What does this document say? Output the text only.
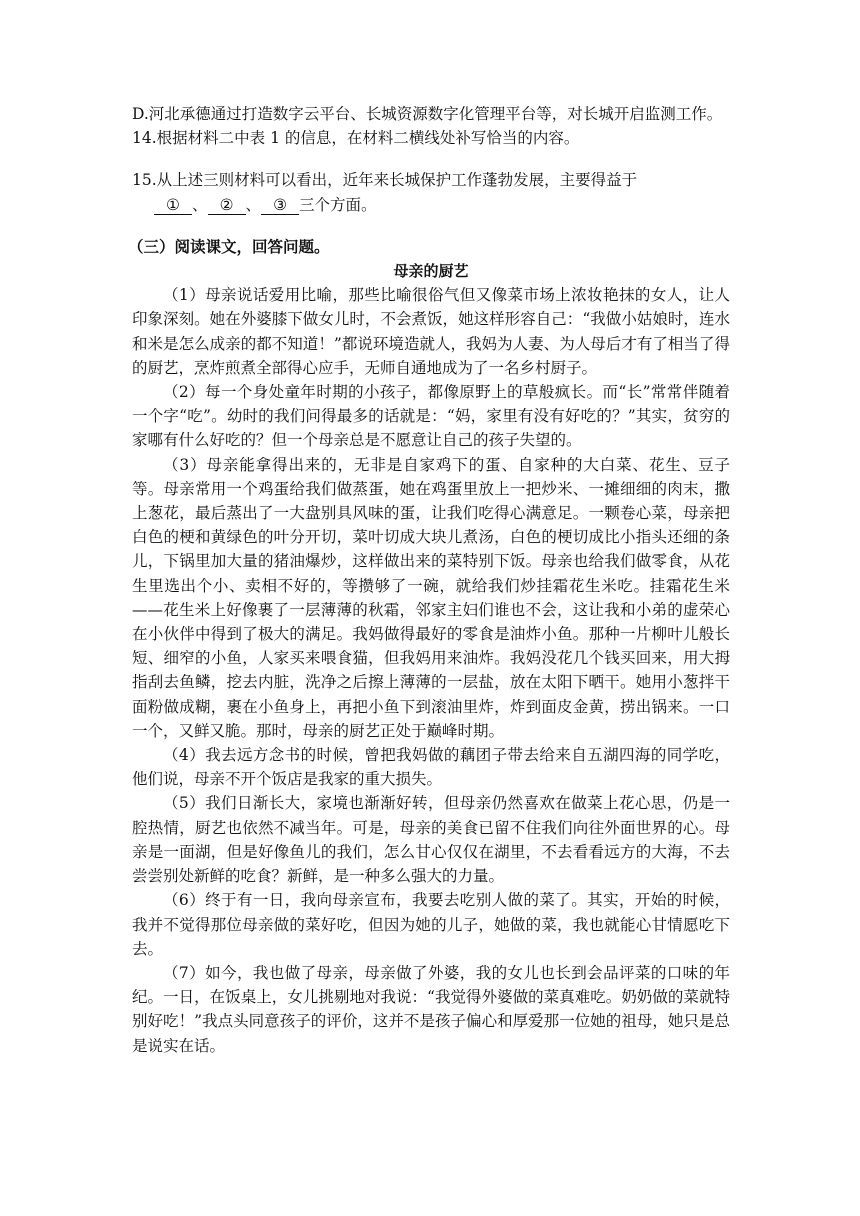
D.河北承德通过打造数字云平台、长城资源数字化管理平台等，对长城开启监测工作。

14.根据材料二中表 1 的信息，在材料二横线处补写恰当的内容。

15.从上述三则材料可以看出，近年来长城保护工作蓬勃发展，主要得益于
① 、 ② 、 ③ 三个方面。

（三）阅读课文，回答问题。

母亲的厨艺

（1）母亲说话爱用比喻，那些比喻很俗气但又像菜市场上浓妆艳抹的女人，让人印象深刻。她在外婆膝下做女儿时，不会煮饭，她这样形容自己：“我做小姑娘时，连水和米是怎么成亲的都不知道！”都说环境造就人，我妈为人妻、为人母后才有了相当了得的厨艺，烹炸煎煮全部得心应手，无师自通地成为了一名乡村厨子。

（2）每一个身处童年时期的小孩子，都像原野上的草般疯长。而“长”常常伴随着一个字“吃”。幼时的我们问得最多的话就是：“妈，家里有没有好吃的？”其实，贫穷的家哪有什么好吃的？但一个母亲总是不愿意让自己的孩子失望的。

（3）母亲能拿得出来的，无非是自家鸡下的蛋、自家种的大白菜、花生、豆子等。母亲常用一个鸡蛋给我们做蒸蛋，她在鸡蛋里放上一把炒米、一摊细细的肉末，撒上葱花，最后蒸出了一大盘别具风味的蛋，让我们吃得心满意足。一颗卷心菜，母亲把白色的梗和黄绿色的叶分开切，菜叶切成大块儿煮汤，白色的梗切成比小指头还细的条儿，下锅里加大量的猪油爆炒，这样做出来的菜特别下饭。母亲也给我们做零食，从花生里选出个小、卖相不好的，等攒够了一碗，就给我们炒挂霜花生米吃。挂霜花生米——花生米上好像裹了一层薄薄的秋霜，邻家主妇们谁也不会，这让我和小弟的虚荣心在小伙伴中得到了极大的满足。我妈做得最好的零食是油炸小鱼。那种一片柳叶儿般长短、细窄的小鱼，人家买来喂食猫，但我妈用来油炸。我妈没花几个钱买回来，用大拇指刮去鱼鳞，挖去内脏，洗净之后擦上薄薄的一层盐，放在太阳下晒干。她用小葱拌干面粉做成糊，裹在小鱼身上，再把小鱼下到滚油里炸，炸到面皮金黄，捞出锅来。一口一个，又鲜又脆。那时，母亲的厨艺正处于巅峰时期。

（4）我去远方念书的时候，曾把我妈做的藕团子带去给来自五湖四海的同学吃，他们说，母亲不开个饭店是我家的重大损失。

（5）我们日渐长大，家境也渐渐好转，但母亲仍然喜欢在做菜上花心思，仍是一腔热情，厨艺也依然不减当年。可是，母亲的美食已留不住我们向往外面世界的心。母亲是一面湖，但是好像鱼儿的我们，怎么甘心仅仅在湖里，不去看看远方的大海，不去尝尝别处新鲜的吃食？新鲜，是一种多么强大的力量。

（6）终于有一日，我向母亲宣布，我要去吃别人做的菜了。其实，开始的时候，我并不觉得那位母亲做的菜好吃，但因为她的儿子，她做的菜，我也就能心甘情愿吃下去。

（7）如今，我也做了母亲，母亲做了外婆，我的女儿也长到会品评菜的口味的年纪。一日，在饭桌上，女儿挑剔地对我说：“我觉得外婆做的菜真难吃。奶奶做的菜就特别好吃！”我点头同意孩子的评价，这并不是孩子偏心和厚爱那一位她的祖母，她只是总是说实在话。
